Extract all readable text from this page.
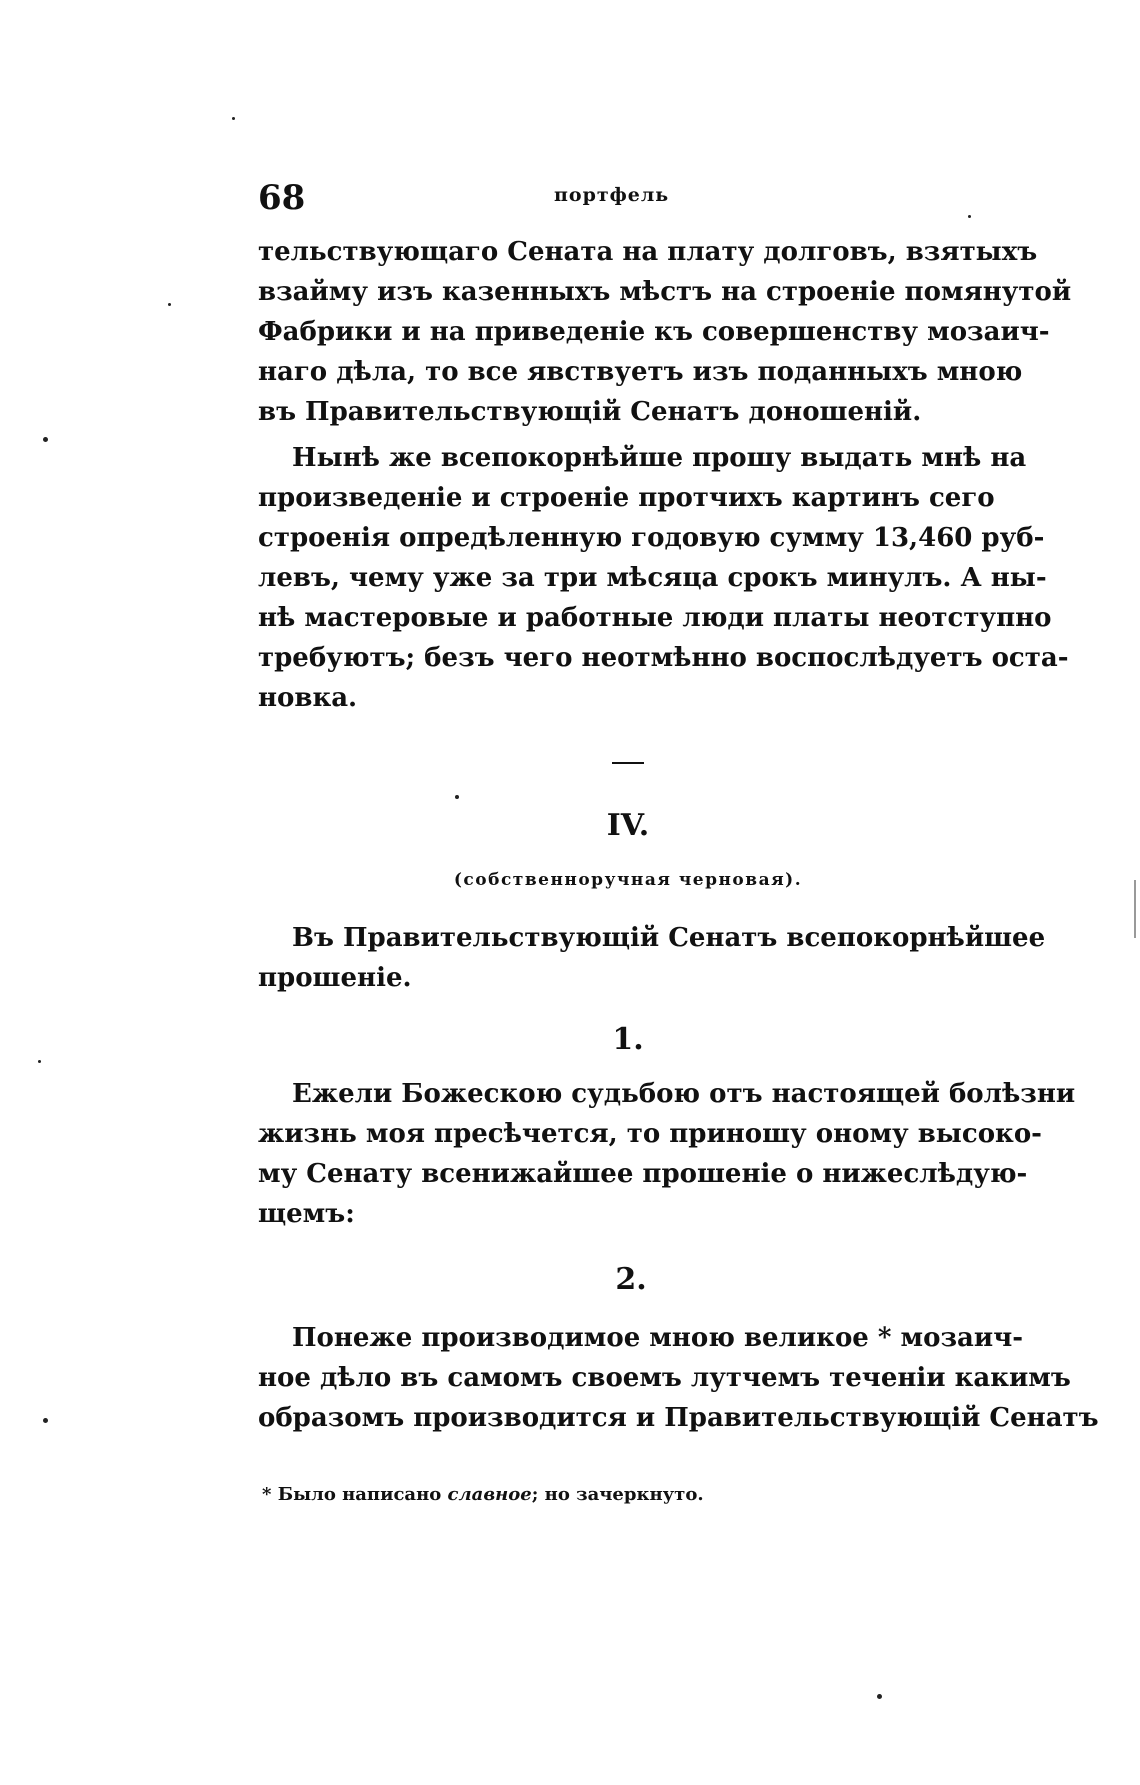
68	портфель
тельствующаго Сената на плату долговъ, взятыхъ
взайму изъ казенныхъ мѣстъ на строеніе помянутой
Фабрики и на приведеніе къ совершенству мозаич-
наго дѣла, то все явствуетъ изъ поданныхъ мною
въ Правительствующій Сенатъ доношеній.
Нынѣ же всепокорнѣйше прошу выдать мнѣ на
произведеніе и строеніе протчихъ картинъ сего
строенія опредѣленную годовую сумму 13,460 руб-
левъ, чему уже за три мѣсяца срокъ минулъ. А ны-
нѣ мастеровые и работные люди платы неотступно
требуютъ; безъ чего неотмѣнно воспослѣдуетъ оста-
новка.
IV.
(собственноручная черновая).
Въ Правительствующій Сенатъ всепокорнѣйшее
прошеніе.
1.
Ежели Божескою судьбою отъ настоящей болѣзни
жизнь моя пресѣчется, то приношу оному высоко-
му Сенату всенижайшее прошеніе о нижеслѣдую-
щемъ:
2.
Понеже производимое мною великое * мозаич-
ное дѣло въ самомъ своемъ лутчемъ теченіи какимъ
образомъ производится и Правительствующій Сенатъ
* Было написано славное; но зачеркнуто.
